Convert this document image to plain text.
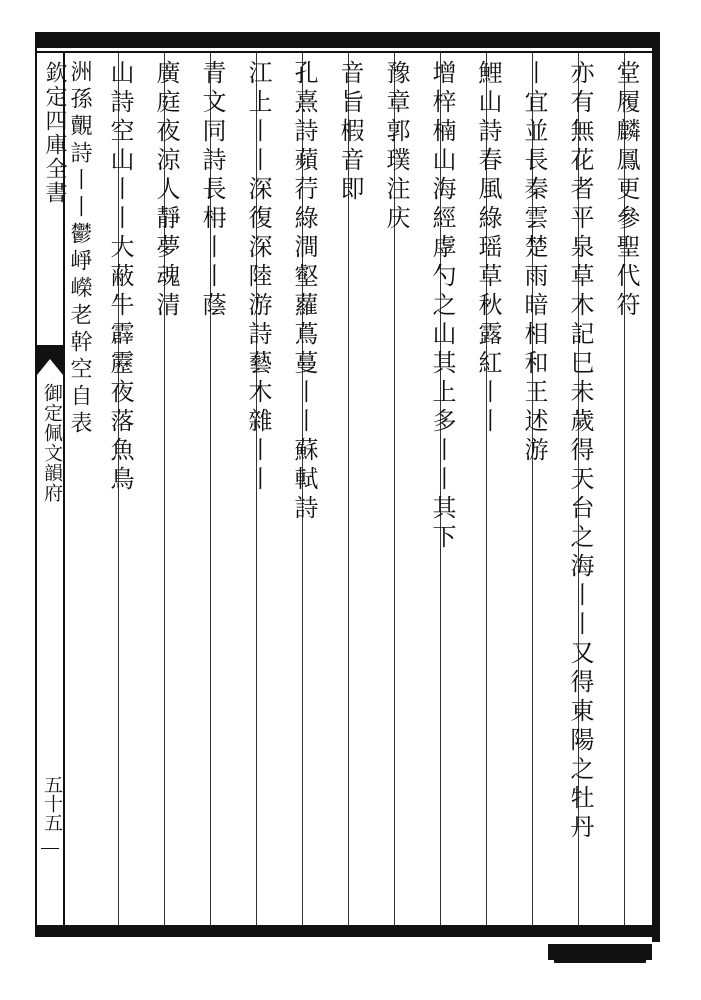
欽定四庫全書
御定佩文韻府
五十五
堂履麟鳳更參聖代符
亦有無花者平泉草木記巳未歲得天台之海丨丨又得東陽之牡丹
丨宜並長秦雲楚雨暗相和王述游
鯉山詩春風綠瑶草秋露紅丨丨
增梓楠山海經虖勺之山其上多丨丨其下
豫章郭璞注庆
音旨椵音即
孔熹詩蘋荇綠澗壑蘿蔦蔓丨丨蘇軾詩
江上丨丨深復深陸游詩藝木雜丨丨
青文同詩長枏丨丨蔭
廣庭夜涼人靜夢魂清
山詩空山丨丨大蔽牛霹靂夜落魚鳥
洲孫覿詩丨丨鬱崢嶸老幹空自表
